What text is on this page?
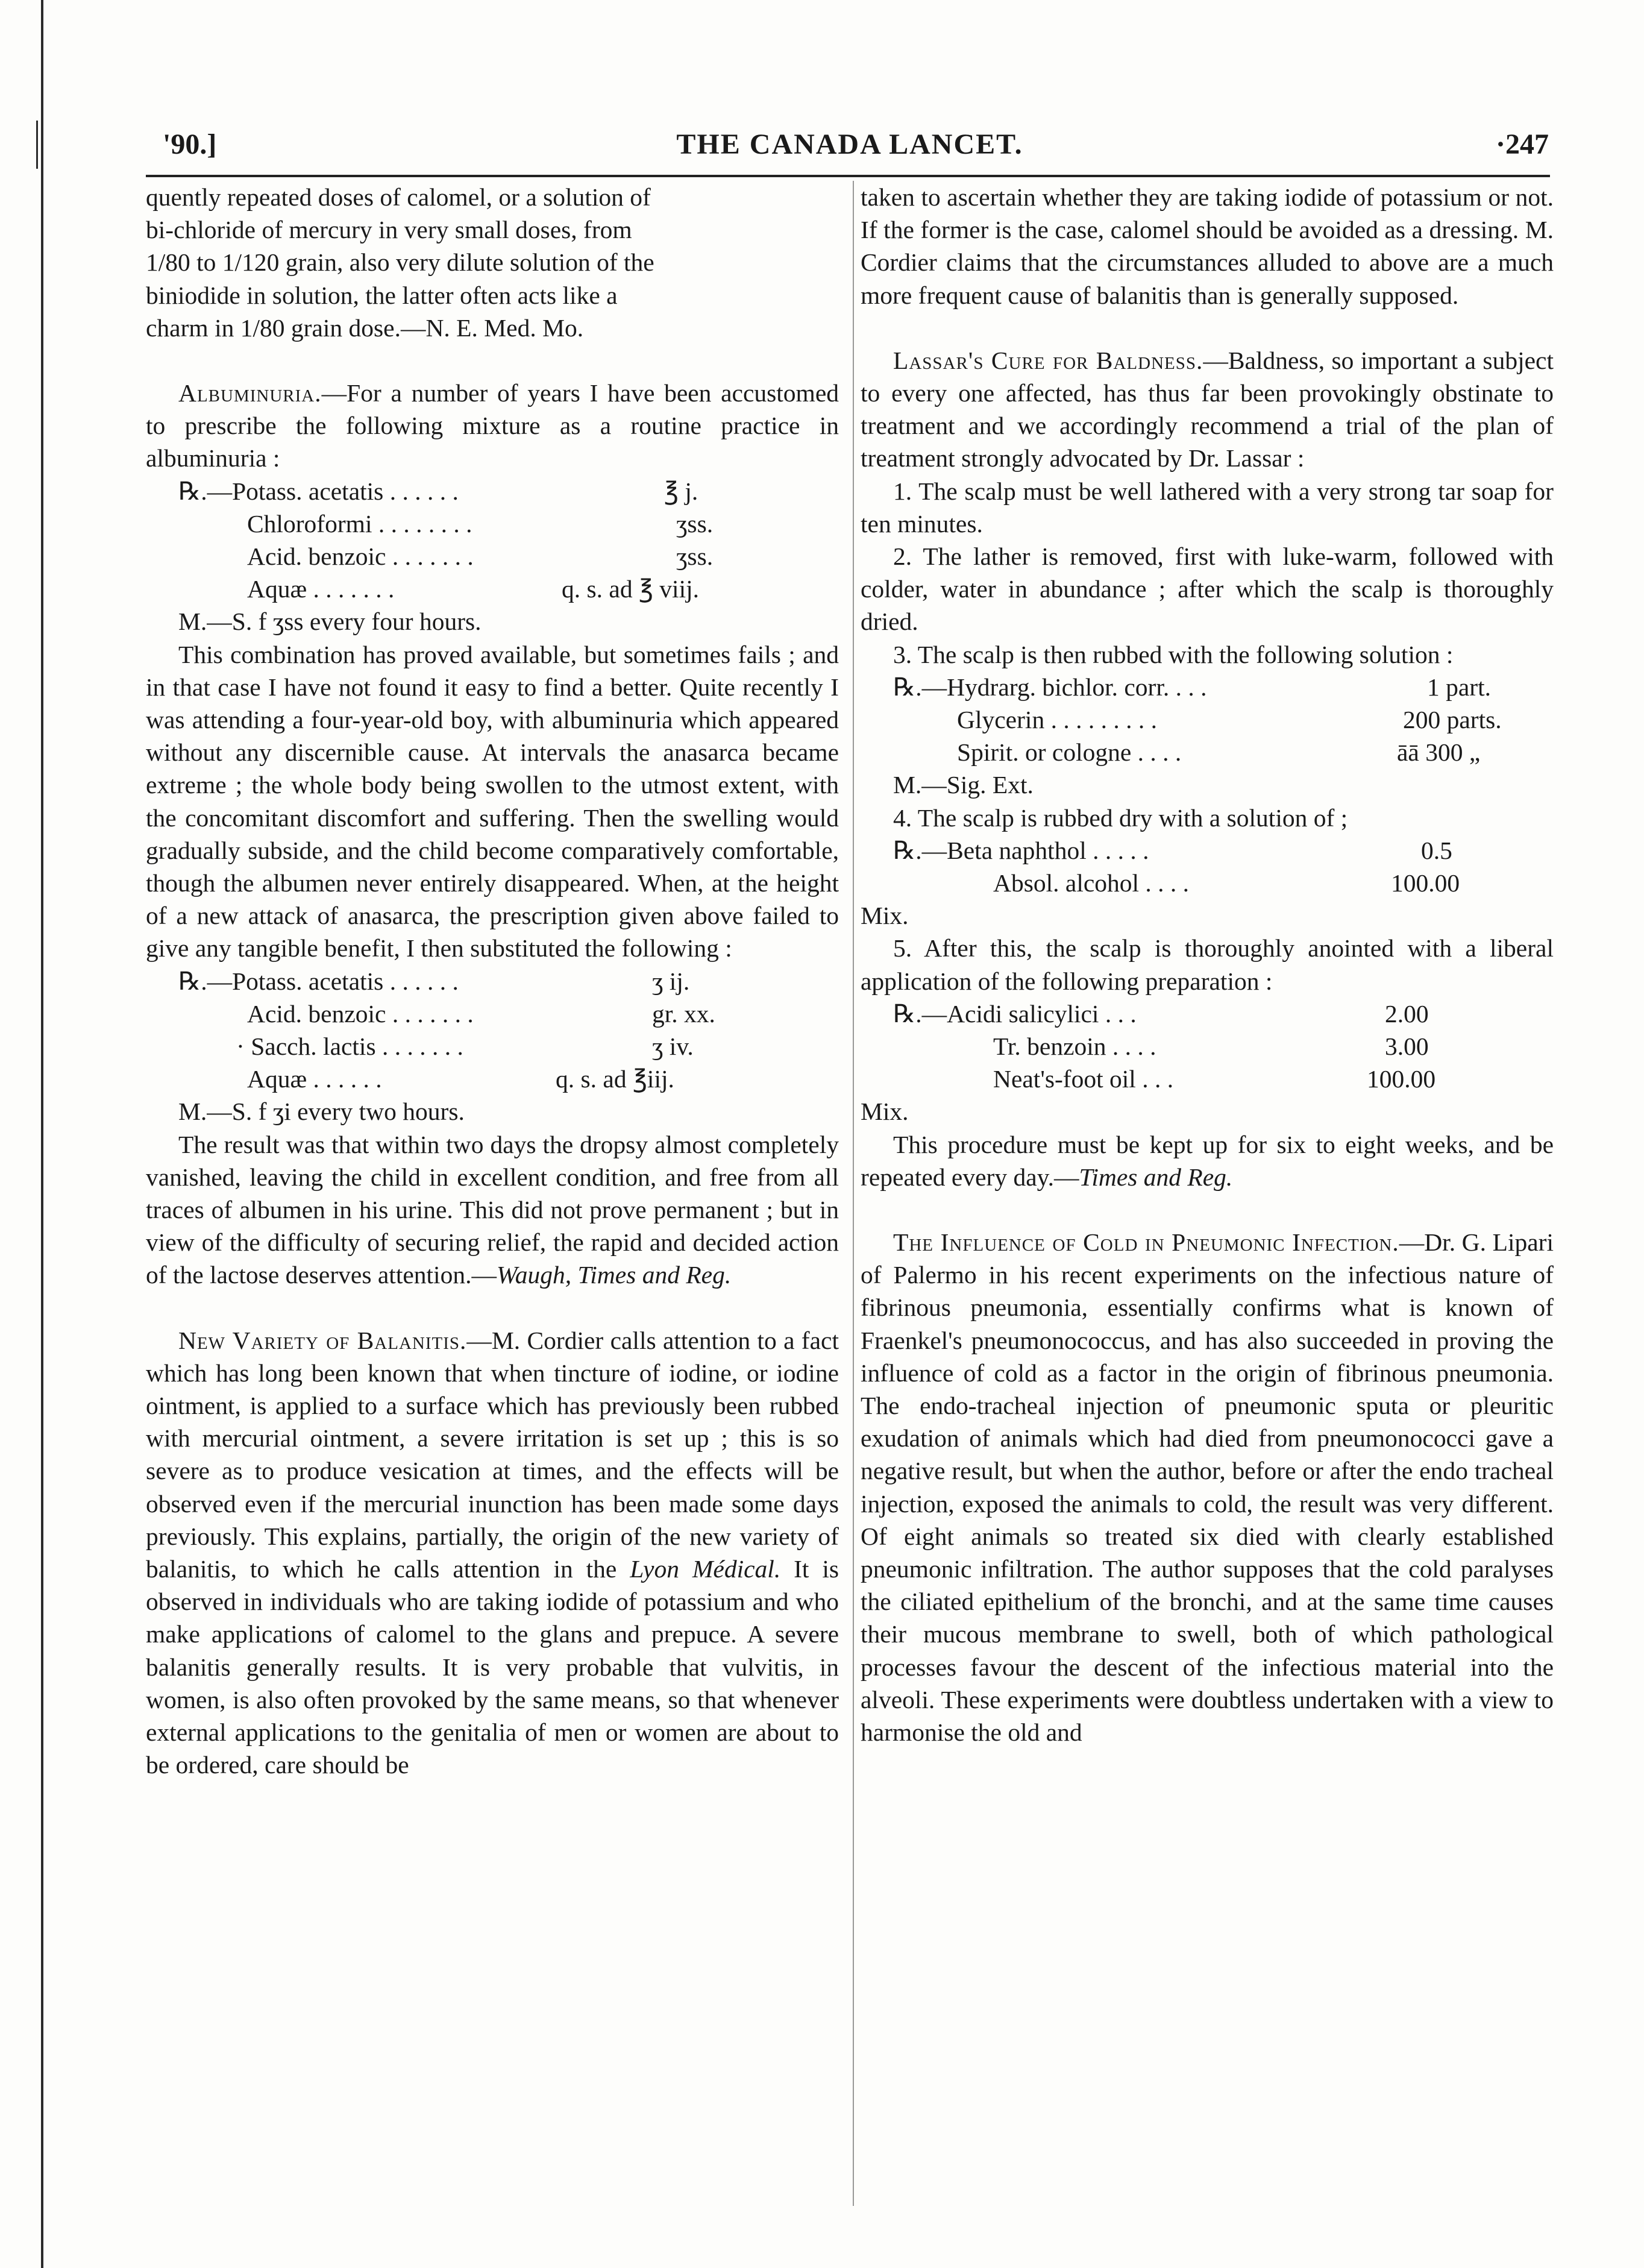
'90.]	THE CANADA LANCET.	·247

quently repeated doses of calomel, or a solution of

bi-chloride of mercury in very small doses, from

1/80 to 1/120 grain, also very dilute solution of the

biniodide in solution, the latter often acts like a

charm in 1/80 grain dose.—N. E. Med. Mo.

Albuminuria.—For a number of years I have been accustomed to prescribe the following mixture as a routine practice in albuminuria :

℞.—Potass. acetatis . . . . . .	℥ j.
Chloroformi . . . . . . . .	ʒss.
Acid. benzoic . . . . . . .	ʒss.
Aquæ . . . . . . .	q. s. ad ℥ viij.

M.—S. f ʒss every four hours.

This combination has proved available, but sometimes fails ; and in that case I have not found it easy to find a better. Quite recently I was attending a four-year-old boy, with albuminuria which appeared without any discernible cause. At intervals the anasarca became extreme ; the whole body being swollen to the utmost extent, with the concomitant discomfort and suffering. Then the swelling would gradually subside, and the child become comparatively comfortable, though the albumen never entirely disappeared. When, at the height of a new attack of anasarca, the prescription given above failed to give any tangible benefit, I then substituted the following :

℞.—Potass. acetatis . . . . . .	ʒ ij.
Acid. benzoic . . . . . . .	gr. xx.
· Sacch. lactis . . . . . . .	ʒ iv.
Aquæ . . . . . .	q. s. ad ℥iij.

M.—S. f ʒi every two hours.

The result was that within two days the dropsy almost completely vanished, leaving the child in excellent condition, and free from all traces of albumen in his urine. This did not prove permanent ; but in view of the difficulty of securing relief, the rapid and decided action of the lactose deserves attention.—Waugh, Times and Reg.

New Variety of Balanitis.—M. Cordier calls attention to a fact which has long been known that when tincture of iodine, or iodine ointment, is applied to a surface which has previously been rubbed with mercurial ointment, a severe irritation is set up ; this is so severe as to produce vesication at times, and the effects will be observed even if the mercurial inunction has been made some days previously. This explains, partially, the origin of the new variety of balanitis, to which he calls attention in the Lyon Médical. It is observed in individuals who are taking iodide of potassium and who make applications of calomel to the glans and prepuce. A severe balanitis generally results. It is very probable that vulvitis, in women, is also often provoked by the same means, so that whenever external applications to the genitalia of men or women are about to be ordered, care should be

taken to ascertain whether they are taking iodide of potassium or not. If the former is the case, calomel should be avoided as a dressing. M. Cordier claims that the circumstances alluded to above are a much more frequent cause of balanitis than is generally supposed.

Lassar's Cure for Baldness.—Baldness, so important a subject to every one affected, has thus far been provokingly obstinate to treatment and we accordingly recommend a trial of the plan of treatment strongly advocated by Dr. Lassar :

1. The scalp must be well lathered with a very strong tar soap for ten minutes.

2. The lather is removed, first with luke-warm, followed with colder, water in abundance ; after which the scalp is thoroughly dried.

3. The scalp is then rubbed with the following solution :

℞.—Hydrarg. bichlor. corr. . . .	1 part.
Glycerin . . . . . . . . .	200 parts.
Spirit. or cologne . . . .	āā 300 „

M.—Sig. Ext.

4. The scalp is rubbed dry with a solution of ;

℞.—Beta naphthol . . . . .	0.5
Absol. alcohol . . . .	100.00

Mix.

5. After this, the scalp is thoroughly anointed with a liberal application of the following preparation :

℞.—Acidi salicylici . . .	2.00
Tr. benzoin . . . .	3.00
Neat's-foot oil . . .	100.00

Mix.

This procedure must be kept up for six to eight weeks, and be repeated every day.—Times and Reg.

The Influence of Cold in Pneumonic Infection.—Dr. G. Lipari of Palermo in his recent experiments on the infectious nature of fibrinous pneumonia, essentially confirms what is known of Fraenkel's pneumonococcus, and has also succeeded in proving the influence of cold as a factor in the origin of fibrinous pneumonia. The endo-tracheal injection of pneumonic sputa or pleuritic exudation of animals which had died from pneumonococci gave a negative result, but when the author, before or after the endo tracheal injection, exposed the animals to cold, the result was very different. Of eight animals so treated six died with clearly established pneumonic infiltration. The author supposes that the cold paralyses the ciliated epithelium of the bronchi, and at the same time causes their mucous membrane to swell, both of which pathological processes favour the descent of the infectious material into the alveoli. These experiments were doubtless undertaken with a view to harmonise the old and
